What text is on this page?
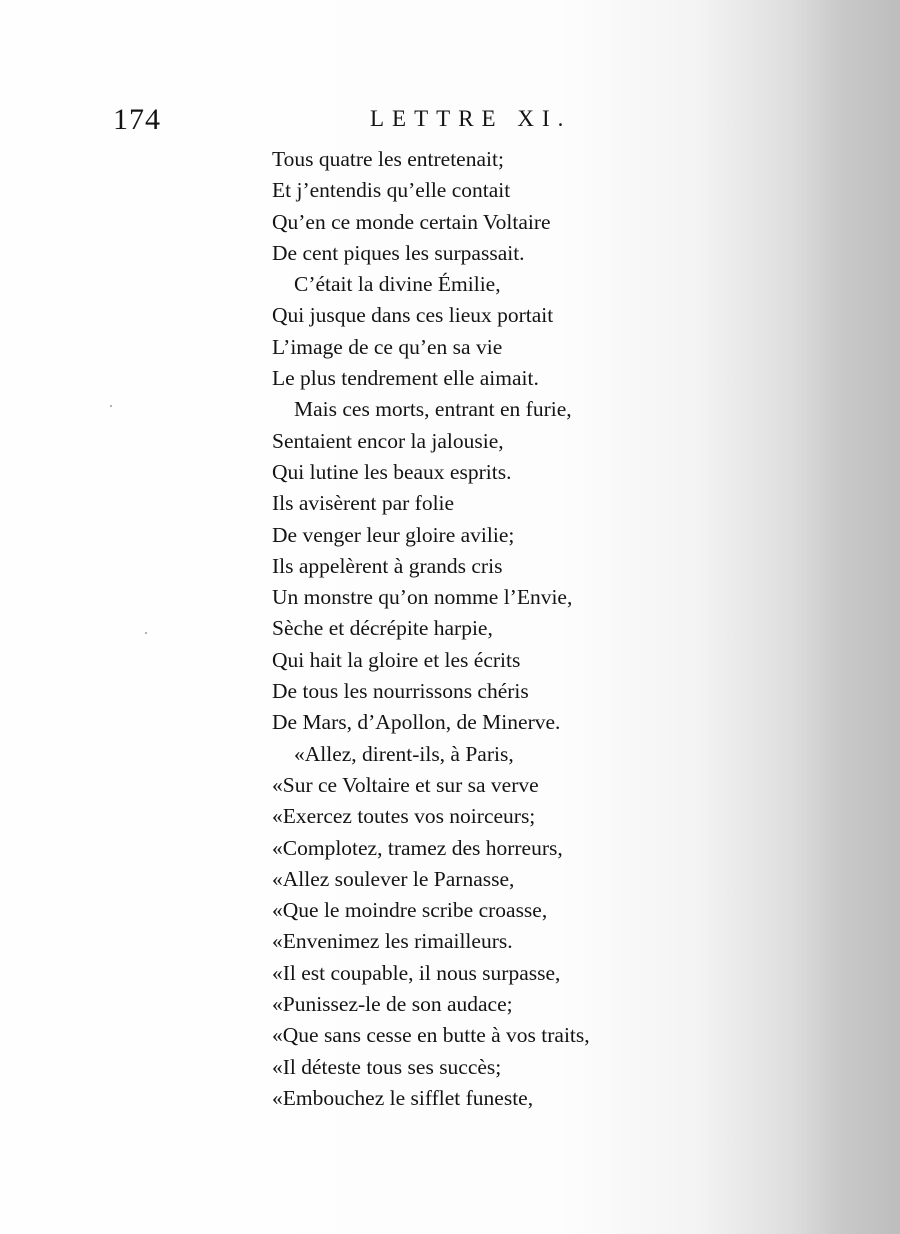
174	LETTRE XI.
Tous quatre les entretenait;
Et j’entendis qu’elle contait
Qu’en ce monde certain Voltaire
De cent piques les surpassait.
C’était la divine Émilie,
Qui jusque dans ces lieux portait
L’image de ce qu’en sa vie
Le plus tendrement elle aimait.
Mais ces morts, entrant en furie,
Sentaient encor la jalousie,
Qui lutine les beaux esprits.
Ils avisèrent par folie
De venger leur gloire avilie;
Ils appelèrent à grands cris
Un monstre qu’on nomme l’Envie,
Sèche et décrépite harpie,
Qui hait la gloire et les écrits
De tous les nourrissons chéris
De Mars, d’Apollon, de Minerve.
«Allez, dirent-ils, à Paris,
«Sur ce Voltaire et sur sa verve
«Exercez toutes vos noirceurs;
«Complotez, tramez des horreurs,
«Allez soulever le Parnasse,
«Que le moindre scribe croasse,
«Envenimez les rimailleurs.
«Il est coupable, il nous surpasse,
«Punissez-le de son audace;
«Que sans cesse en butte à vos traits,
«Il déteste tous ses succès;
«Embouchez le sifflet funeste,
